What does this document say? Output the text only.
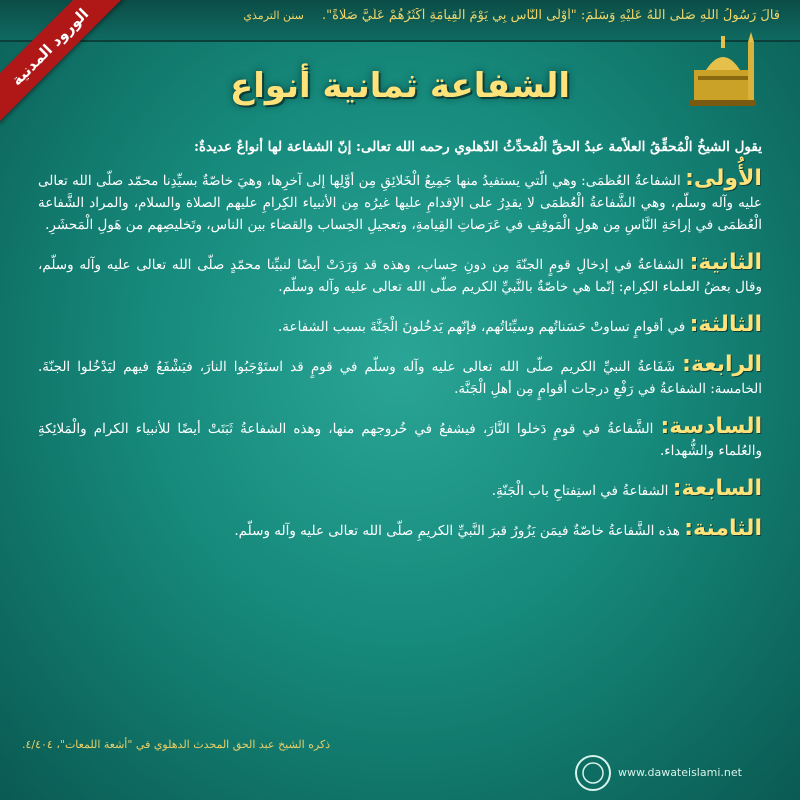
قالَ رَسُولُ اللّٰهِ صَلّى اللّٰهُ عَلَيْهِ وَسَلَّمَ: "أَوْلَى النَّاسِ بِي يَوْمَ الْقِيامَةِ أَكْثَرُهُمْ عَلَيَّ صَلَاةً". سنن الترمذي
الورود المدنية	الشفاعة ثمانية أنواع

يقول الشيخُ الْمُحقِّقُ العلاّمة عبدُ الحقِّ الْمُحدِّثُ الدّهلوي رحمه الله تعالى: إنّ الشفاعة لها أنواعٌ عديدةٌ:

الأُولى: الشفاعةُ العُظمَى: وهي الّتي يستفيدُ منها جَمِيعُ الْخَلائِقِ مِن أوَّلِها إلى آخرِها، وهيَ خاصّةٌ بسيِّدِنا محمّد صلّى الله تعالى عليه وآله وسلّم، وهي الشَّفاعةُ الْعُظمَى لا يقدِرُ على الإقدامِ عليها غيرُه مِن الأنبياء الكِرامِ عليهم الصلاة والسلام، والمراد الشَّفاعة الْعُظمَى في إراحَةِ النَّاسِ مِن هولِ الْمَوقِفِ في عَرَصاتِ القِيامةِ، وتعجيلِ الحِساب والقضاء بين الناس، وتَخليصِهم من هَولِ الْمَحشَرِ.

الثانية: الشفاعةُ في إدخالِ قومٍ الجنّةَ مِن دونِ حِساب، وهذه قد وَرَدَتْ أيضًا لنبيِّنا محمّدٍ صلّى الله تعالى عليه وآله وسلّم، وقال بعضُ العلماء الكِرام: إنّما هي خاصّةٌ بالنَّبيِّ الكريم صلّى الله تعالى عليه وآله وسلّم.

الثالثة: في أقوامٍ تساوتْ حَسَناتُهم وسيِّئاتُهم، فإنّهم يَدخُلونَ الْجَنَّةَ بسبب الشفاعة.

الرابعة: شَفَاعةُ النبيِّ الكريم صلّى الله تعالى عليه وآله وسلّم في قومٍ قد استَوْجَبُوا النارَ، فيَشْفَعُ فيهم ليَدْخُلوا الجنّةَ. الخامسة: الشفاعةُ في رَفْعِ درجات أقوامٍ مِن أهلِ الْجَنَّة.

السادسة: الشَّفاعةُ في قومٍ دَخلوا النَّارَ، فيشفعُ في خُروجهم منها، وهذه الشفاعةُ ثَبَتَتْ أيضًا للأنبياء الكرام والْمَلائِكةِ والعُلماء والشُّهداء.

السابعة: الشفاعةُ في استِفتاحِ باب الْجَنّةِ.

الثامنة: هذه الشَّفاعةُ خاصّةٌ فيمَن يَزُورُ قبرَ النَّبيِّ الكريمِ صلّى الله تعالى عليه وآله وسلّم.

ذكره الشيخ عبد الحق المحدث الدهلوي في "أشعة اللمعات"، ٤/٤٠٤.
www.dawateislami.net
